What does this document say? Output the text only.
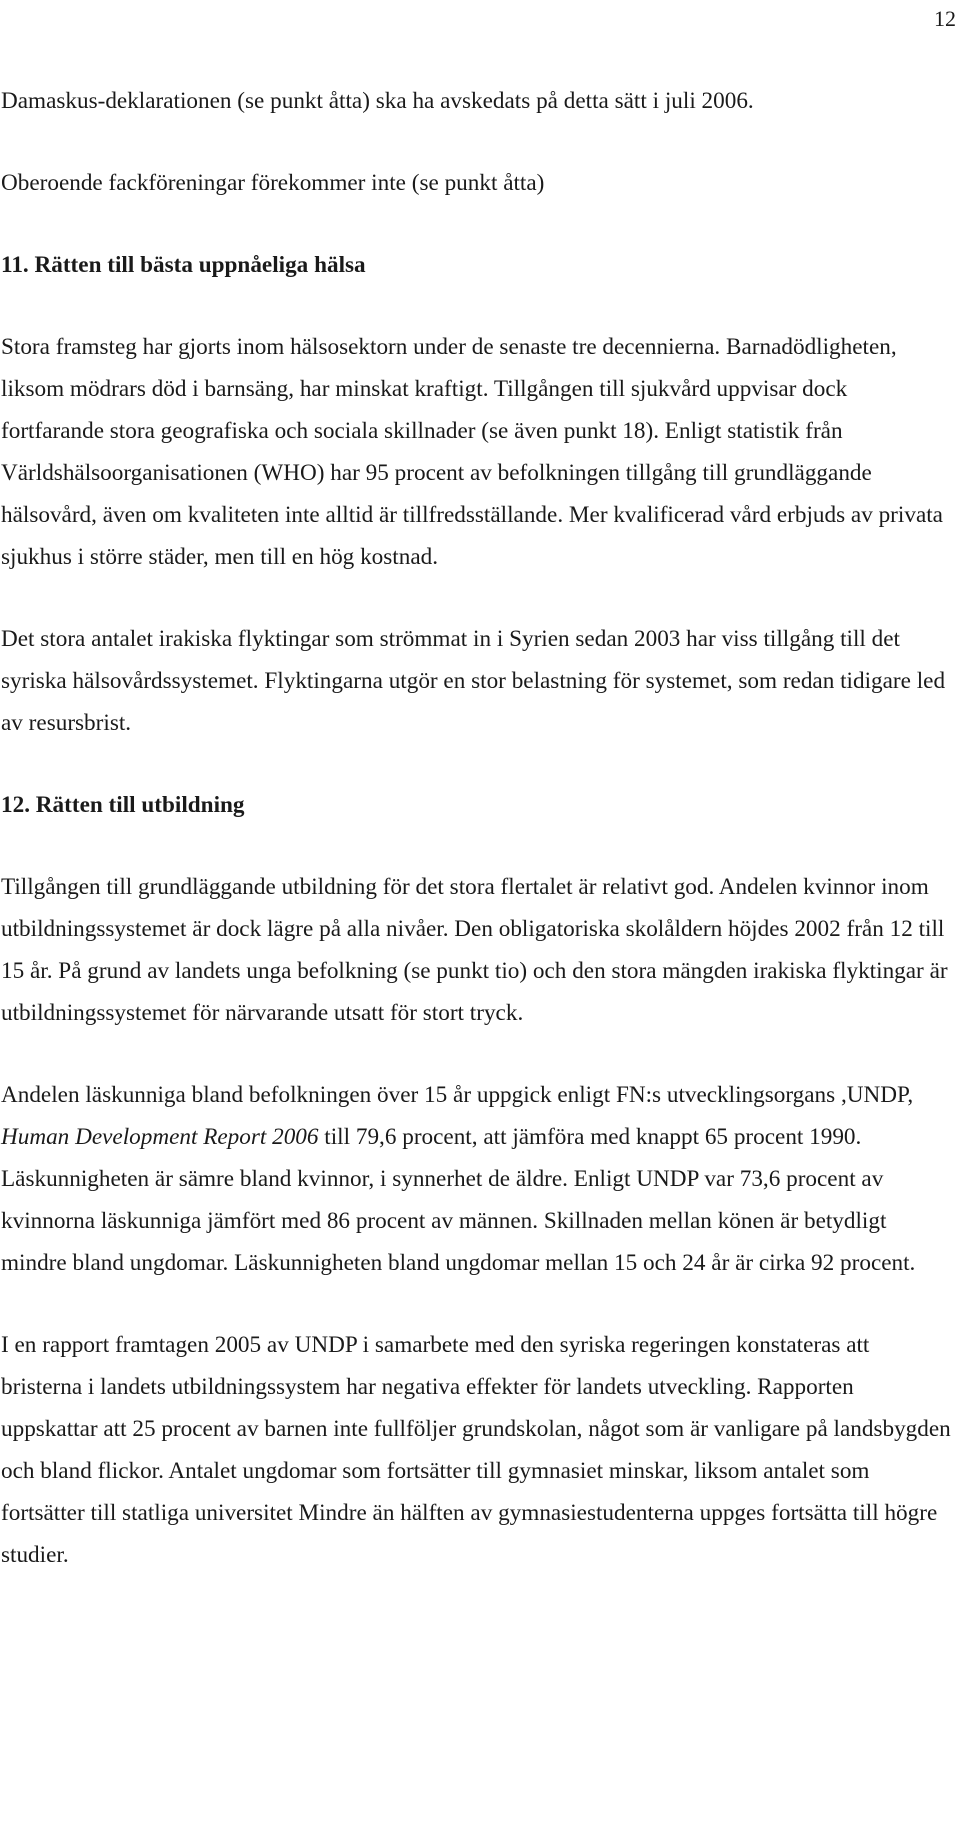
12

Damaskus-deklarationen (se punkt åtta) ska ha avskedats på detta sätt i juli 2006.

Oberoende fackföreningar förekommer inte (se punkt åtta)

11. Rätten till bästa uppnåeliga hälsa

Stora framsteg har gjorts inom hälsosektorn under de senaste tre decennierna. Barnadödligheten, liksom mödrars död i barnsäng, har minskat kraftigt. Tillgången till sjukvård uppvisar dock fortfarande stora geografiska och sociala skillnader (se även punkt 18). Enligt statistik från Världshälsoorganisationen (WHO) har 95 procent av befolkningen tillgång till grundläggande hälsovård, även om kvaliteten inte alltid är tillfredsställande. Mer kvalificerad vård erbjuds av privata sjukhus i större städer, men till en hög kostnad.

Det stora antalet irakiska flyktingar som strömmat in i Syrien sedan 2003 har viss tillgång till det syriska hälsovårdssystemet. Flyktingarna utgör en stor belastning för systemet, som redan tidigare led av resursbrist.

12. Rätten till utbildning

Tillgången till grundläggande utbildning för det stora flertalet är relativt god. Andelen kvinnor inom utbildningssystemet är dock lägre på alla nivåer. Den obligatoriska skolåldern höjdes 2002 från 12 till 15 år. På grund av landets unga befolkning (se punkt tio) och den stora mängden irakiska flyktingar är utbildningssystemet för närvarande utsatt för stort tryck.

Andelen läskunniga bland befolkningen över 15 år uppgick enligt FN:s utvecklingsorgans ,UNDP, Human Development Report 2006 till 79,6 procent, att jämföra med knappt 65 procent 1990. Läskunnigheten är sämre bland kvinnor, i synnerhet de äldre. Enligt UNDP var 73,6 procent av kvinnorna läskunniga jämfört med 86 procent av männen. Skillnaden mellan könen är betydligt mindre bland ungdomar. Läskunnigheten bland ungdomar mellan 15 och 24 år är cirka 92 procent.

I en rapport framtagen 2005 av UNDP i samarbete med den syriska regeringen konstateras att bristerna i landets utbildningssystem har negativa effekter för landets utveckling. Rapporten uppskattar att 25 procent av barnen inte fullföljer grundskolan, något som är vanligare på landsbygden och bland flickor. Antalet ungdomar som fortsätter till gymnasiet minskar, liksom antalet som fortsätter till statliga universitet Mindre än hälften av gymnasiestudenterna uppges fortsätta till högre studier.
